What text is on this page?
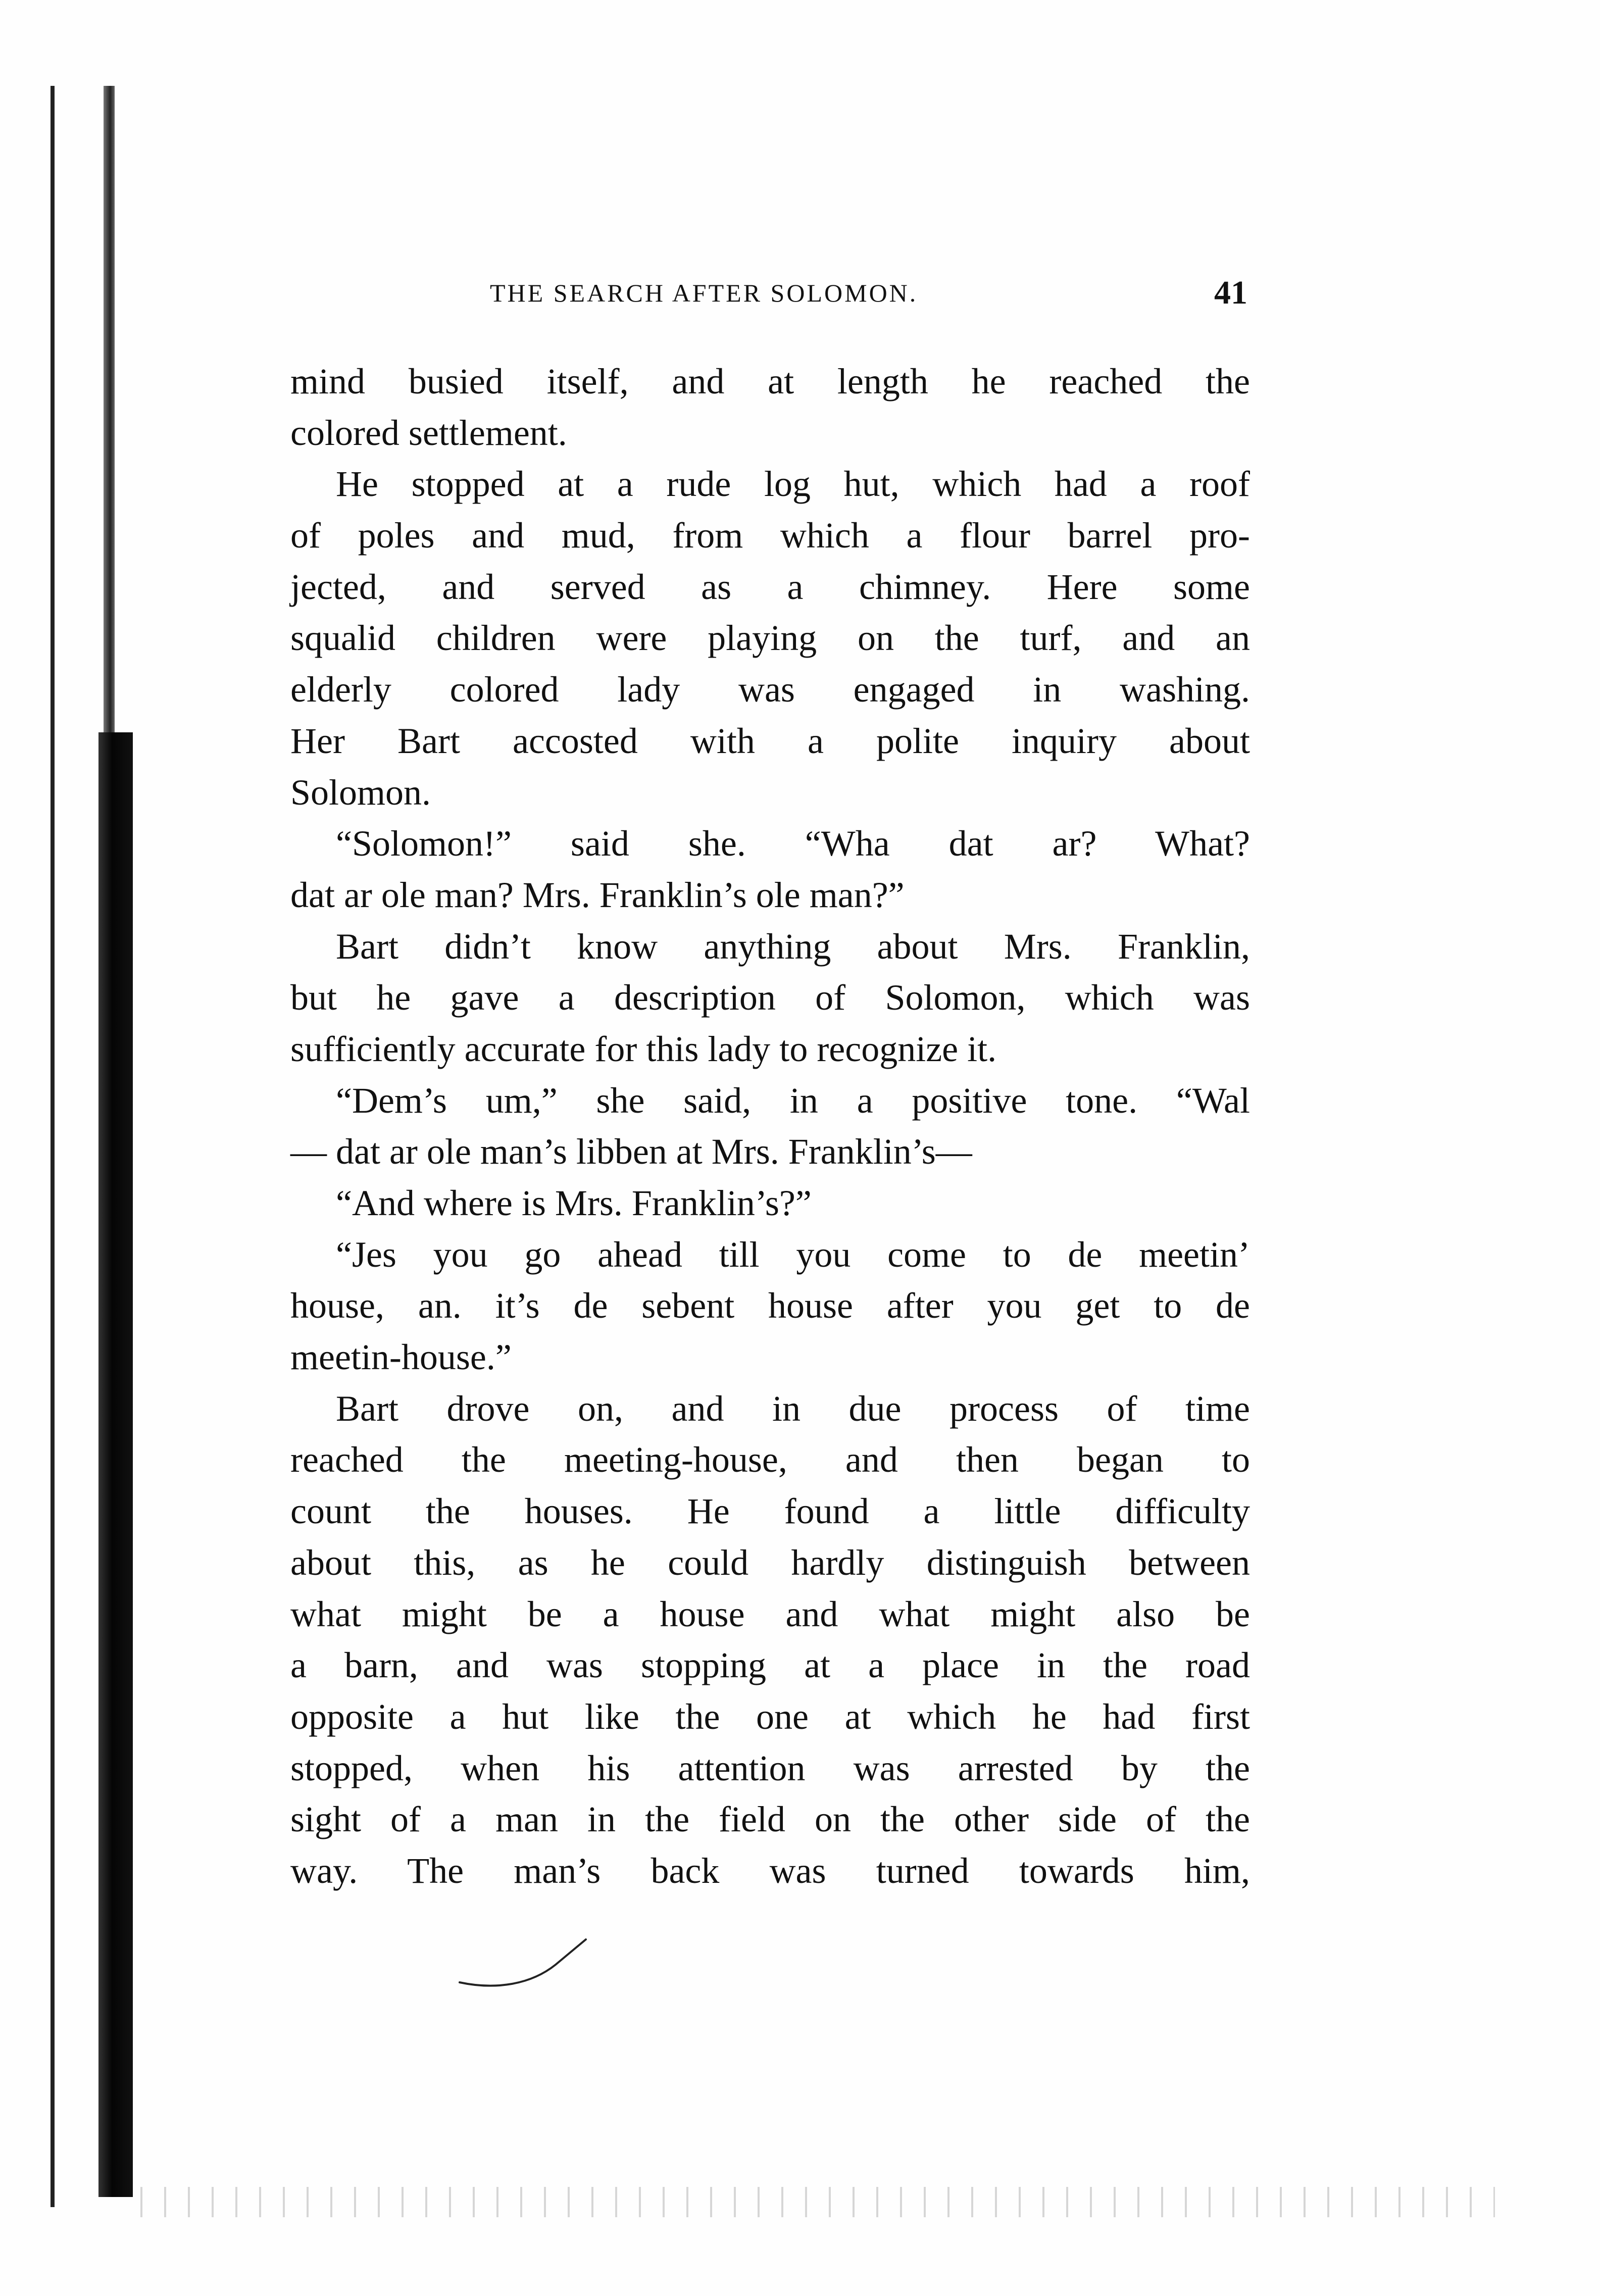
THE SEARCH AFTER SOLOMON.	41
mind busied itself, and at length he reached the
colored settlement.
He stopped at a rude log hut, which had a roof
of poles and mud, from which a flour barrel pro-
jected, and served as a chimney. Here some
squalid children were playing on the turf, and an
elderly colored lady was engaged in washing.
Her Bart accosted with a polite inquiry about
Solomon.
“Solomon!” said she. “Wha dat ar? What?
dat ar ole man? Mrs. Franklin’s ole man?”
Bart didn’t know anything about Mrs. Franklin,
but he gave a description of Solomon, which was
sufficiently accurate for this lady to recognize it.
“Dem’s um,” she said, in a positive tone. “Wal
— dat ar ole man’s libben at Mrs. Franklin’s—
“And where is Mrs. Franklin’s?”
“Jes you go ahead till you come to de meetin’
house, an. it’s de sebent house after you get to de
meetin-house.”
Bart drove on, and in due process of time
reached the meeting-house, and then began to
count the houses. He found a little difficulty
about this, as he could hardly distinguish between
what might be a house and what might also be
a barn, and was stopping at a place in the road
opposite a hut like the one at which he had first
stopped, when his attention was arrested by the
sight of a man in the field on the other side of the
way. The man’s back was turned towards him,
